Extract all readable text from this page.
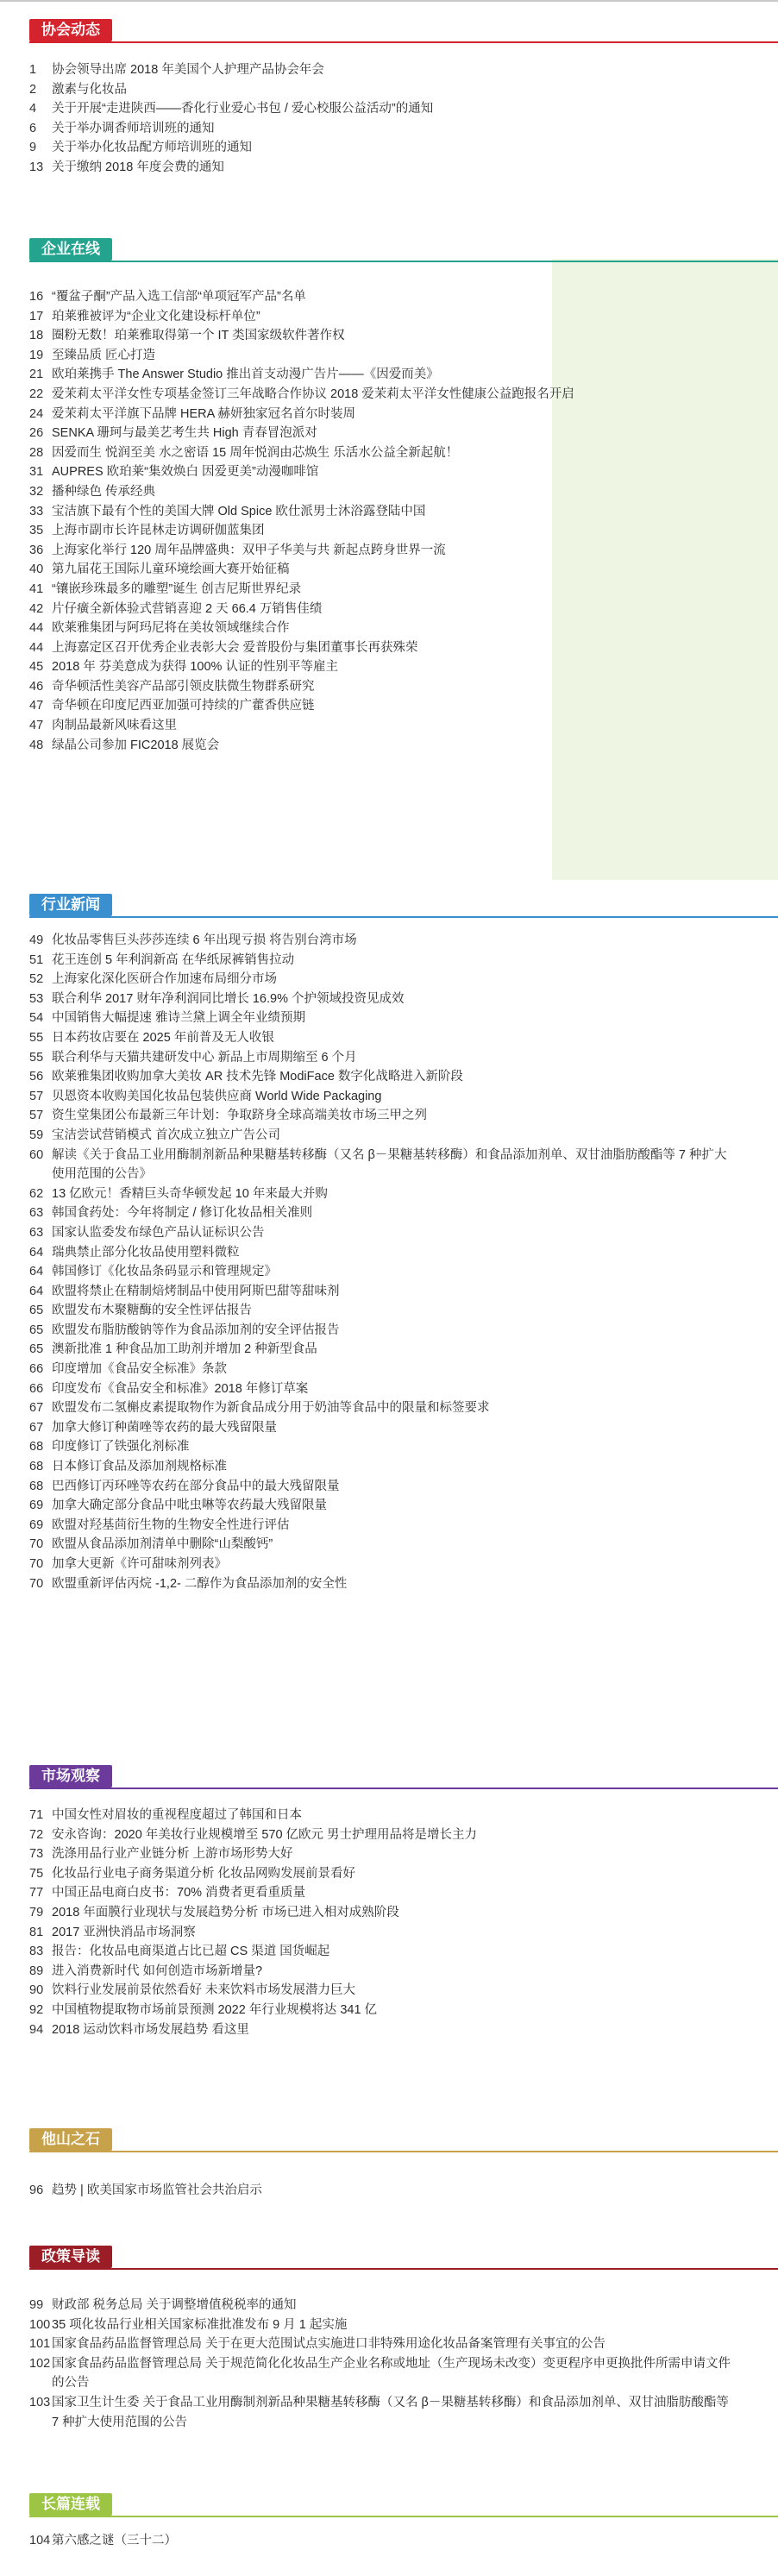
协会动态
1 协会领导出席 2018 年美国个人护理产品协会年会
2 激素与化妆品
4 关于开展“走进陕西——香化行业爱心书包 / 爱心校服公益活动”的通知
6 关于举办调香师培训班的通知
9 关于举办化妆品配方师培训班的通知
13 关于缴纳 2018 年度会费的通知
企业在线
16 “覆盆子酮”产品入选工信部“单项冠军产品”名单
17 珀莱雅被评为“企业文化建设标杆单位”
18 圈粉无数！珀莱雅取得第一个 IT 类国家级软件著作权
19 至臻品质 匠心打造
21 欧珀莱携手 The Answer Studio 推出首支动漫广告片——《因爱而美》
22 爱茉莉太平洋女性专项基金签订三年战略合作协议 2018 爱茉莉太平洋女性健康公益跑报名开启
24 爱茉莉太平洋旗下品牌 HERA 赫妍独家冠名首尔时装周
26 SENKA 珊珂与最美艺考生共 High 青春冒泡派对
28 因爱而生 悦润至美 水之密语 15 周年悦润由芯焕生 乐活水公益全新起航！
31 AUPRES 欧珀莱“集效焕白 因爱更美”动漫咖啡馆
32 播种绿色 传承经典
33 宝洁旗下最有个性的美国大牌 Old Spice 欧仕派男士沐浴露登陆中国
35 上海市副市长许昆林走访调研伽蓝集团
36 上海家化举行 120 周年品牌盛典：双甲子华美与共 新起点跨身世界一流
40 第九届花王国际儿童环境绘画大赛开始征稿
41 “镶嵌珍珠最多的雕塑”诞生 创吉尼斯世界纪录
42 片仔癀全新体验式营销喜迎 2 天 66.4 万销售佳绩
44 欧莱雅集团与阿玛尼将在美妆领域继续合作
44 上海嘉定区召开优秀企业表彰大会 爱普股份与集团董事长再获殊荣
45 2018 年 芬美意成为获得 100% 认证的性别平等雇主
46 奇华顿活性美容产品部引领皮肤微生物群系研究
47 奇华顿在印度尼西亚加强可持续的广藿香供应链
47 肉制品最新风味看这里
48 绿晶公司参加 FIC2018 展览会
行业新闻
49 化妆品零售巨头莎莎连续 6 年出现亏损 将告别台湾市场
51 花王连创 5 年利润新高 在华纸尿裤销售拉动
52 上海家化深化医研合作加速布局细分市场
53 联合利华 2017 财年净利润同比增长 16.9% 个护领域投资见成效
54 中国销售大幅提速 雅诗兰黛上调全年业绩预期
55 日本药妆店要在 2025 年前普及无人收银
55 联合利华与天猫共建研发中心 新品上市周期缩至 6 个月
56 欧莱雅集团收购加拿大美妆 AR 技术先锋 ModiFace 数字化战略进入新阶段
57 贝恩资本收购美国化妆品包装供应商 World Wide Packaging
57 资生堂集团公布最新三年计划：争取跻身全球高端美妆市场三甲之列
59 宝洁尝试营销模式 首次成立独立广告公司
60 解读《关于食品工业用酶制剂新品种果糖基转移酶（又名 β－果糖基转移酶）和食品添加剂单、双甘油脂肪酸酯等 7 种扩大使用范围的公告》
62 13 亿欧元！香精巨头奇华顿发起 10 年来最大并购
63 韩国食药处：今年将制定 / 修订化妆品相关准则
63 国家认监委发布绿色产品认证标识公告
64 瑞典禁止部分化妆品使用塑料微粒
64 韩国修订《化妆品条码显示和管理规定》
64 欧盟将禁止在精制焙烤制品中使用阿斯巴甜等甜味剂
65 欧盟发布木聚糖酶的安全性评估报告
65 欧盟发布脂肪酸钠等作为食品添加剂的安全评估报告
65 澳新批准 1 种食品加工助剂并增加 2 种新型食品
66 印度增加《食品安全标准》条款
66 印度发布《食品安全和标准》2018 年修订草案
67 欧盟发布二氢槲皮素提取物作为新食品成分用于奶油等食品中的限量和标签要求
67 加拿大修订种菌唑等农药的最大残留限量
68 印度修订了铁强化剂标准
68 日本修订食品及添加剂规格标准
68 巴西修订丙环唑等农药在部分食品中的最大残留限量
69 加拿大确定部分食品中吡虫啉等农药最大残留限量
69 欧盟对羟基茴衍生物的生物安全性进行评估
70 欧盟从食品添加剂清单中删除“山梨酸钙”
70 加拿大更新《许可甜味剂列表》
70 欧盟重新评估丙烷 -1,2- 二醇作为食品添加剂的安全性
市场观察
71 中国女性对眉妆的重视程度超过了韩国和日本
72 安永咨询：2020 年美妆行业规模增至 570 亿欧元 男士护理用品将是增长主力
73 洗涤用品行业产业链分析 上游市场形势大好
75 化妆品行业电子商务渠道分析 化妆品网购发展前景看好
77 中国正品电商白皮书：70% 消费者更看重质量
79 2018 年面膜行业现状与发展趋势分析 市场已进入相对成熟阶段
81 2017 亚洲快消品市场洞察
83 报告：化妆品电商渠道占比已超 CS 渠道 国货崛起
89 进入消费新时代 如何创造市场新增量?
90 饮料行业发展前景依然看好 未来饮料市场发展潜力巨大
92 中国植物提取物市场前景预测 2022 年行业规模将达 341 亿
94 2018 运动饮料市场发展趋势 看这里
他山之石
96 趋势 | 欧美国家市场监管社会共治启示
政策导读
99 财政部 税务总局 关于调整增值税税率的通知
100 35 项化妆品行业相关国家标准批准发布 9 月 1 起实施
101 国家食品药品监督管理总局 关于在更大范围试点实施进口非特殊用途化妆品备案管理有关事宜的公告
102 国家食品药品监督管理总局 关于规范简化化妆品生产企业名称或地址（生产现场未改变）变更程序申更换批件所需申请文件的公告
103 国家卫生计生委 关于食品工业用酶制剂新品种果糖基转移酶（又名 β－果糖基转移酶）和食品添加剂单、双甘油脂肪酸酯等 7 种扩大使用范围的公告
长篇连载
104 第六感之谜（三十二）
